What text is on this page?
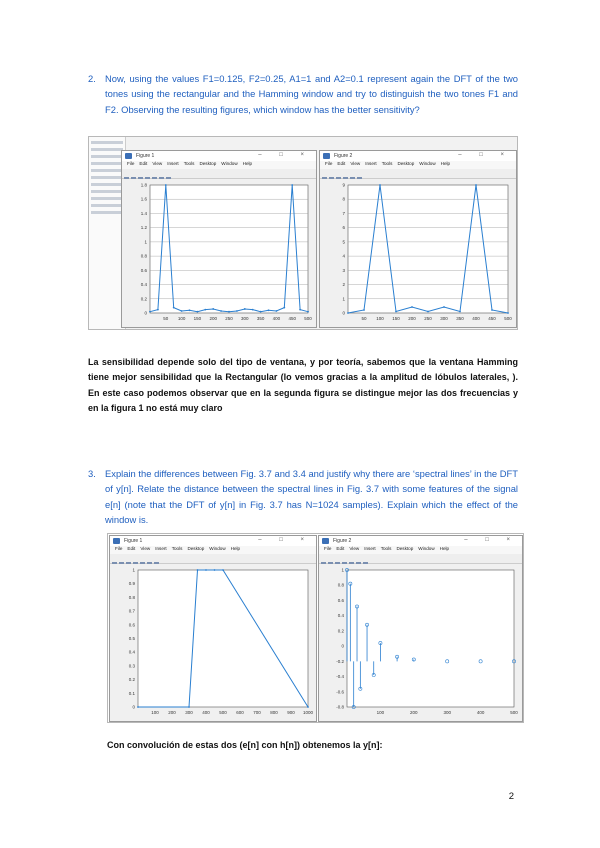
2. Now, using the values F1=0.125, F2=0.25, A1=1 and A2=0.1 represent again the DFT of the two tones using the rectangular and the Hamming window and try to distinguish the two tones F1 and F2. Observing the resulting figures, which window has the better sensitivity?
Figure 1	– □ ×
File Edit View Insert Tools Desktop Window Help
0
0.2
0.4
0.6
0.8
1
1.2
1.4
1.6
1.8
50 100 150 200 250 300 350 400 450 500
Figure 2	– □ ×
File Edit View Insert Tools Desktop Window Help
0
1
2
3
4
5
6
7
8
9
50 100 150 200 250 300 350 400 450 500
La sensibilidad depende solo del tipo de ventana, y por teoría, sabemos que la ventana Hamming tiene mejor sensibilidad que la Rectangular (lo vemos gracias a la amplitud de lóbulos laterales, ). En este caso podemos observar que en la segunda figura se distingue mejor las dos frecuencias y en la figura 1 no está muy claro
3. Explain the differences between Fig. 3.7 and 3.4 and justify why there are ‘spectral lines’ in the DFT of y[n]. Relate the distance between the spectral lines in Fig. 3.7 with some features of the signal e[n] (note that the DFT of y[n] in Fig. 3.7 has N=1024 samples). Explain which the effect of the window is.
Figure 1	– □ ×
File Edit View Insert Tools Desktop Window Help
0
0.1
0.2
0.3
0.4
0.5
0.6
0.7
0.8
0.9
1
100 200 300 400 500 600 700 800 900 1000
Figure 2	– □ ×
File Edit View Insert Tools Desktop Window Help
-0.8
-0.6
-0.4
-0.2
0
0.2
0.4
0.6
0.8
1
100	200	300	400	500
Con convolución de estas dos (e[n] con h[n]) obtenemos la y[n]:
2
